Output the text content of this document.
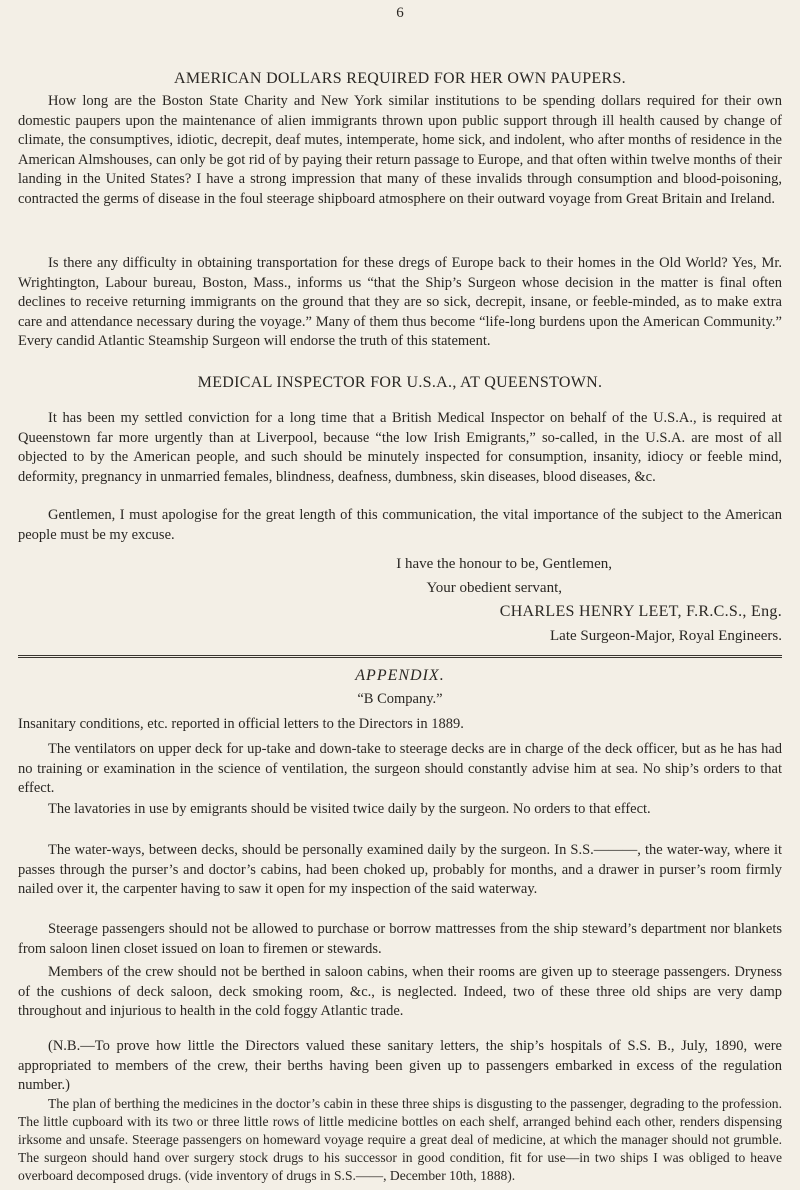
6
AMERICAN DOLLARS REQUIRED FOR HER OWN PAUPERS.
How long are the Boston State Charity and New York similar institutions to be spending dollars required for their own domestic paupers upon the maintenance of alien immigrants thrown upon public support through ill health caused by change of climate, the consumptives, idiotic, decrepit, deaf mutes, intemperate, home sick, and indolent, who after months of residence in the American Almshouses, can only be got rid of by paying their return passage to Europe, and that often within twelve months of their landing in the United States? I have a strong impression that many of these invalids through consumption and blood-poisoning, contracted the germs of disease in the foul steerage shipboard atmosphere on their outward voyage from Great Britain and Ireland.
Is there any difficulty in obtaining transportation for these dregs of Europe back to their homes in the Old World? Yes, Mr. Wrightington, Labour bureau, Boston, Mass., informs us “that the Ship’s Surgeon whose decision in the matter is final often declines to receive returning immigrants on the ground that they are so sick, decrepit, insane, or feeble-minded, as to make extra care and attendance necessary during the voyage.” Many of them thus become “life-long burdens upon the American Community.” Every candid Atlantic Steamship Surgeon will endorse the truth of this statement.
MEDICAL INSPECTOR FOR U.S.A., AT QUEENSTOWN.
It has been my settled conviction for a long time that a British Medical Inspector on behalf of the U.S.A., is required at Queenstown far more urgently than at Liverpool, because “the low Irish Emigrants,” so-called, in the U.S.A. are most of all objected to by the American people, and such should be minutely inspected for consumption, insanity, idiocy or feeble mind, deformity, pregnancy in unmarried females, blindness, deafness, dumbness, skin diseases, blood diseases, &c.
Gentlemen, I must apologise for the great length of this communication, the vital importance of the subject to the American people must be my excuse.
I have the honour to be, Gentlemen,
Your obedient servant,
CHARLES HENRY LEET, F.R.C.S., Eng.
Late Surgeon-Major, Royal Engineers.
APPENDIX.
“B Company.”
Insanitary conditions, etc. reported in official letters to the Directors in 1889.
The ventilators on upper deck for up-take and down-take to steerage decks are in charge of the deck officer, but as he has had no training or examination in the science of ventilation, the surgeon should constantly advise him at sea. No ship’s orders to that effect.
The lavatories in use by emigrants should be visited twice daily by the surgeon. No orders to that effect.
The water-ways, between decks, should be personally examined daily by the surgeon. In S.S.———, the water-way, where it passes through the purser’s and doctor’s cabins, had been choked up, probably for months, and a drawer in purser’s room firmly nailed over it, the carpenter having to saw it open for my inspection of the said waterway.
Steerage passengers should not be allowed to purchase or borrow mattresses from the ship steward’s department nor blankets from saloon linen closet issued on loan to firemen or stewards.
Members of the crew should not be berthed in saloon cabins, when their rooms are given up to steerage passengers. Dryness of the cushions of deck saloon, deck smoking room, &c., is neglected. Indeed, two of these three old ships are very damp throughout and injurious to health in the cold foggy Atlantic trade.
(N.B.—To prove how little the Directors valued these sanitary letters, the ship’s hospitals of S.S. B., July, 1890, were appropriated to members of the crew, their berths having been given up to passengers embarked in excess of the regulation number.)
The plan of berthing the medicines in the doctor’s cabin in these three ships is disgusting to the passenger, degrading to the profession. The little cupboard with its two or three little rows of little medicine bottles on each shelf, arranged behind each other, renders dispensing irksome and unsafe. Steerage passengers on homeward voyage require a great deal of medicine, at which the manager should not grumble. The surgeon should hand over surgery stock drugs to his successor in good condition, fit for use—in two ships I was obliged to heave overboard decomposed drugs. (vide inventory of drugs in S.S.——, December 10th, 1888).
